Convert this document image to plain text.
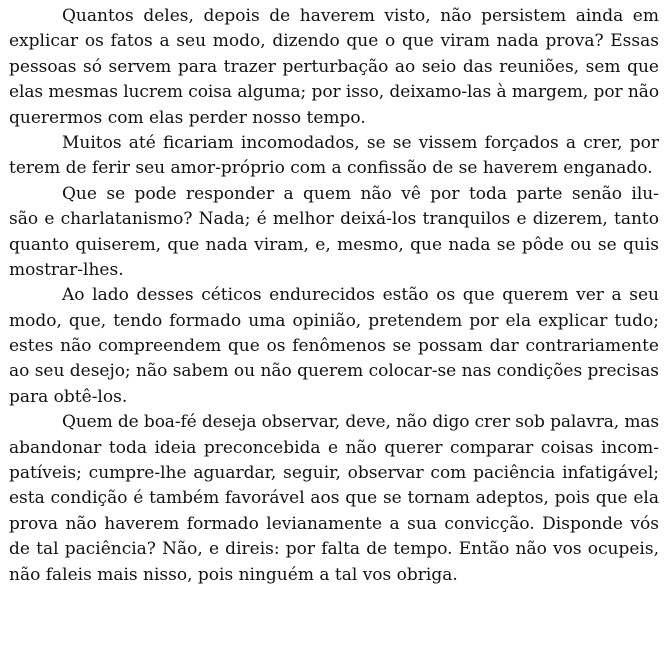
Quantos deles, depois de haverem visto, não persistem ainda em
explicar os fatos a seu modo, dizendo que o que viram nada prova? Essas
pessoas só servem para trazer perturbação ao seio das reuniões, sem que
elas mesmas lucrem coisa alguma; por isso, deixamo-las à margem, por não
querermos com elas perder nosso tempo.

Muitos até ficariam incomodados, se se vissem forçados a crer, por
terem de ferir seu amor-próprio com a confissão de se haverem enganado.

Que se pode responder a quem não vê por toda parte senão ilu-
são e charlatanismo? Nada; é melhor deixá-los tranquilos e dizerem, tanto
quanto quiserem, que nada viram, e, mesmo, que nada se pôde ou se quis
mostrar-lhes.

Ao lado desses céticos endurecidos estão os que querem ver a seu
modo, que, tendo formado uma opinião, pretendem por ela explicar tudo;
estes não compreendem que os fenômenos se possam dar contrariamente
ao seu desejo; não sabem ou não querem colocar-se nas condições precisas
para obtê-los.

Quem de boa-fé deseja observar, deve, não digo crer sob palavra, mas
abandonar toda ideia preconcebida e não querer comparar coisas incom-
patíveis; cumpre-lhe aguardar, seguir, observar com paciência infatigável;
esta condição é também favorável aos que se tornam adeptos, pois que ela
prova não haverem formado levianamente a sua convicção. Disponde vós
de tal paciência? Não, e direis: por falta de tempo. Então não vos ocupeis,
não faleis mais nisso, pois ninguém a tal vos obriga.
